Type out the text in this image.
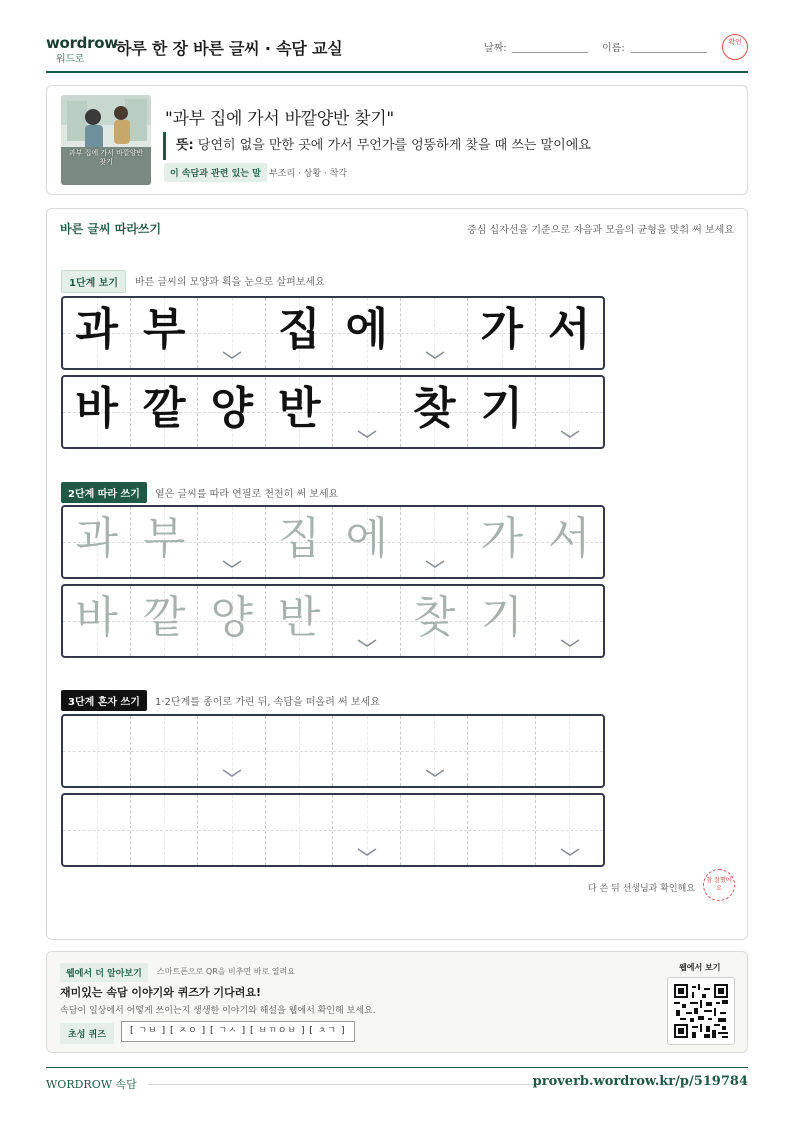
wordrow
워드로
하루 한 장 바른 글씨 · 속담 교실	날짜:	이름:
확인
과부 집에 가서 바깥양반 찾기
"과부 집에 가서 바깥양반 찾기"
뜻: 당연히 없을 만한 곳에 가서 무언가를 엉뚱하게 찾을 때 쓰는 말이에요
이 속담과 관련 있는 말 부조리 · 상황 · 착각
바른 글씨 따라쓰기	중심 십자선을 기준으로 자음과 모음의 균형을 맞춰 써 보세요
1단계 보기	바른 글씨의 모양과 획을 눈으로 살펴보세요
과 부 집 에 가 서
바 깥 양 반 찾 기
2단계 따라 쓰기	옅은 글씨를 따라 연필로 천천히 써 보세요
과 부 집 에 가 서
바 깥 양 반 찾 기
3단계 혼자 쓰기	1·2단계를 종이로 가린 뒤, 속담을 떠올려 써 보세요
다 쓴 뒤 선생님과 확인해요
참 잘했어요
웹에서 더 알아보기	스마트폰으로 QR을 비추면 바로 열려요
재미있는 속담 이야기와 퀴즈가 기다려요!
속담이 일상에서 어떻게 쓰이는지 생생한 이야기와 해설을 웹에서 확인해 보세요.
초성 퀴즈	[ ㄱㅂ ] [ ㅈㅇ ] [ ㄱㅅ ] [ ㅂㄲㅇㅂ ] [ ㅊㄱ ]
웹에서 보기
WORDROW 속담	proverb.wordrow.kr/p/519784
